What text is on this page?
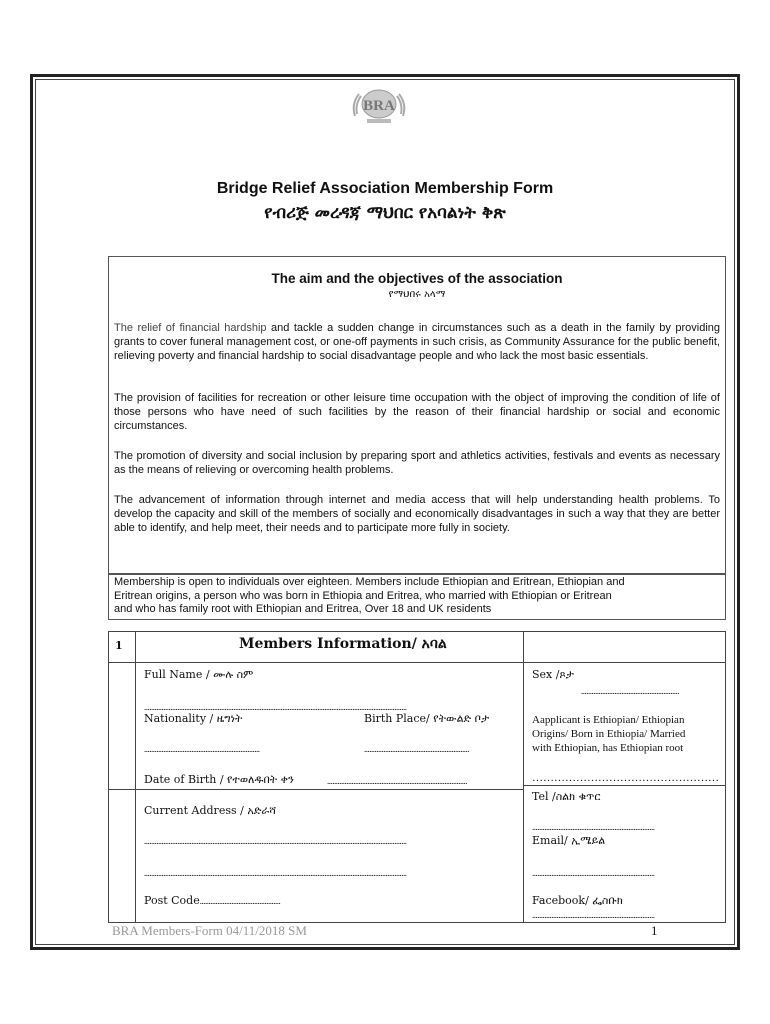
BRA
Bridge Relief Association Membership Form
የብሪጅ መረዳጃ ማህበር የአባልነት ቅጽ
The aim and the objectives of the association
የማህበሩ አላማ
The relief of financial hardship and tackle a sudden change in circumstances such as a death in the family by providing grants to cover funeral management cost, or one-off payments in such crisis, as Community Assurance for the public benefit, relieving poverty and financial hardship to social disadvantage people and who lack the most basic essentials.
The provision of facilities for recreation or other leisure time occupation with the object of improving the condition of life of those persons who have need of such facilities by the reason of their financial hardship or social and economic circumstances.
The promotion of diversity and social inclusion by preparing sport and athletics activities, festivals and events as necessary as the means of relieving or overcoming health problems.
The advancement of information through internet and media access that will help understanding health problems. To develop the capacity and skill of the members of socially and economically disadvantages in such a way that they are better able to identify, and help meet, their needs and to participate more fully in society.
Membership is open to individuals over eighteen. Members include Ethiopian and Eritrean, Ethiopian and
Eritrean origins, a person who was born in Ethiopia and Eritrea, who married with Ethiopian or Eritrean
and who has family root with Ethiopian and Eritrea, Over 18 and UK residents
1	Members Information/ አባል
Full Name / ሙሉ ስም
......................................................................................................................................................
Sex /ጾታ
........................................................
Nationality / ዜግነት	Birth Place/ የትውልድ ቦታ
..................................................................	............................................................
Aapplicant is Ethiopian/ Ethiopian
Origins/ Born in Ethiopia/ Married
with Ethiopian, has Ethiopian root
……………………………………………
Date of Birth / የተወለዱበት ቀን	................................................................................
Tel /ስልክ ቁጥር
......................................................................
Email/ ኢሜይል
......................................................................
Current Address / አድራሻ
......................................................................................................................................................
......................................................................................................................................................
Post Code..............................................	Facebook/ ፌስቡክ
......................................................................
BRA Members-Form 04/11/2018 SM	1
